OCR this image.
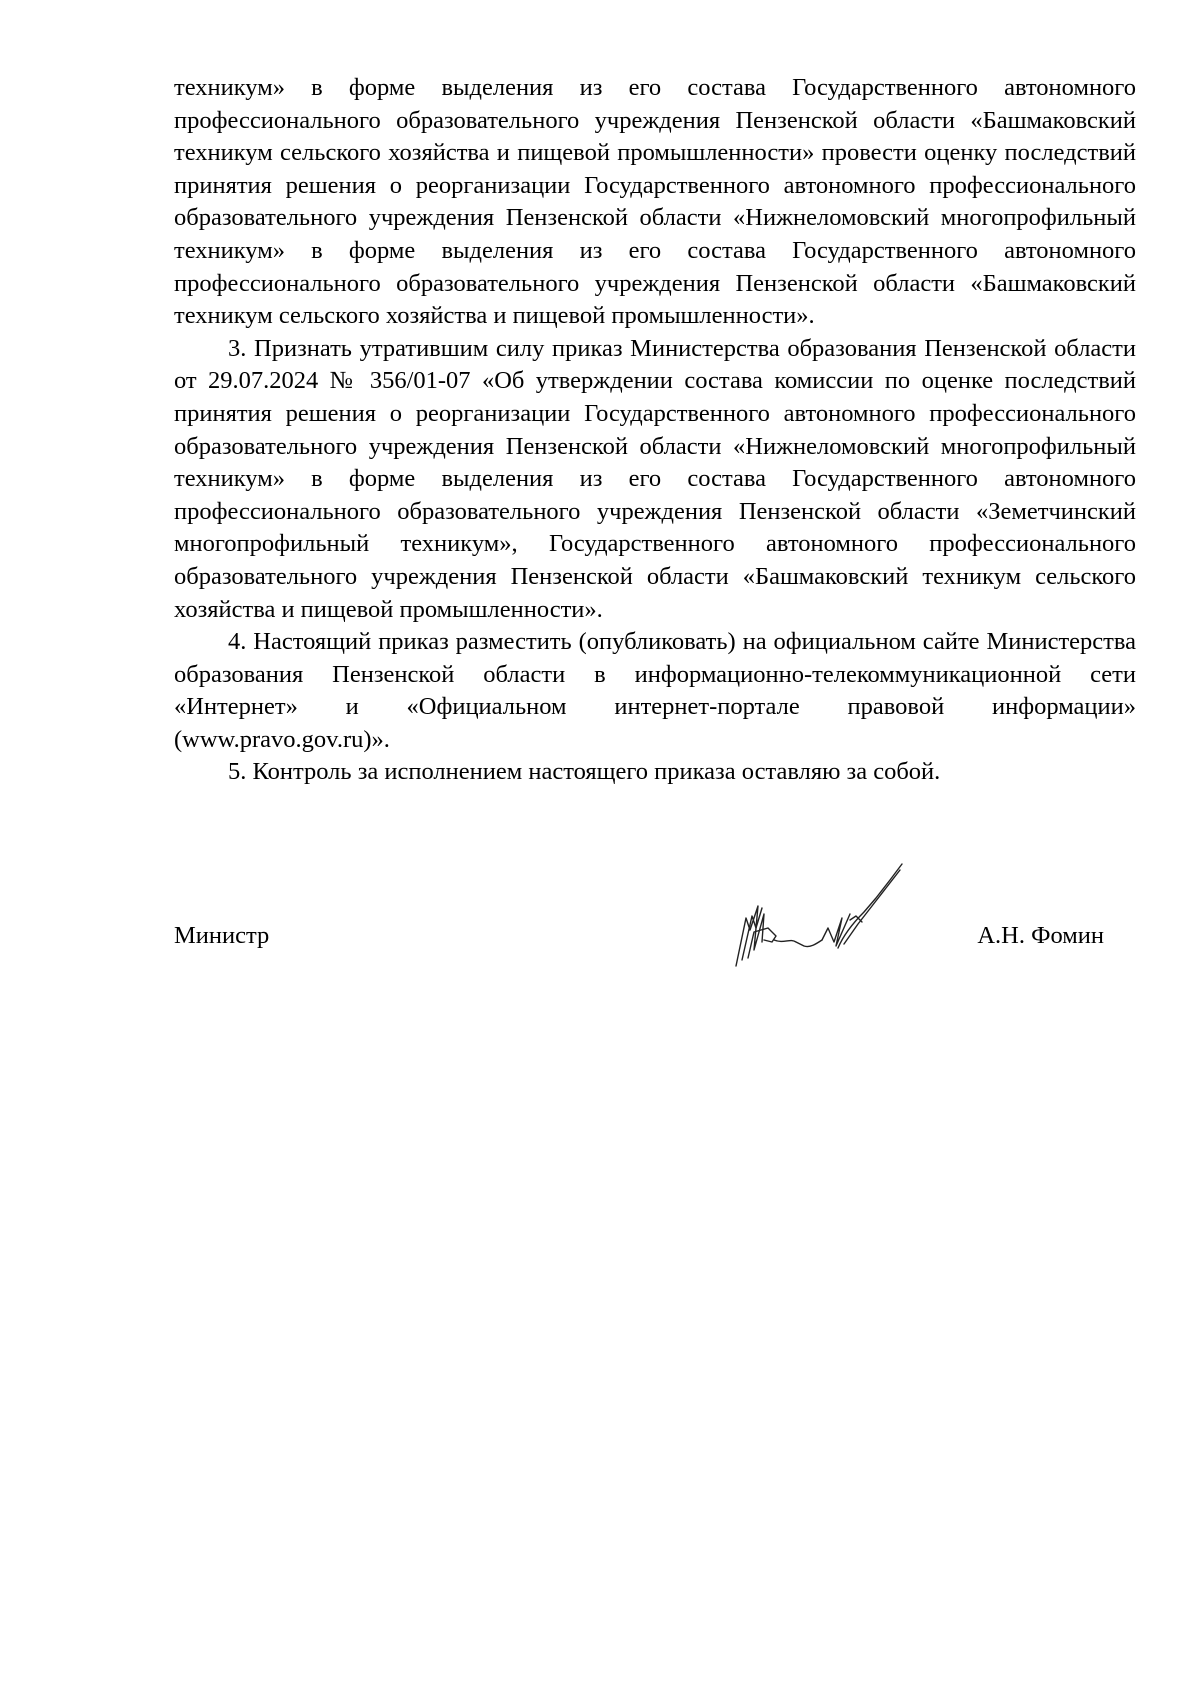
техникум» в форме выделения из его состава Государственного автономного профессионального образовательного учреждения Пензенской области «Башмаковский техникум сельского хозяйства и пищевой промышленности» провести оценку последствий принятия решения о реорганизации Государственного автономного профессионального образовательного учреждения Пензенской области «Нижнеломовский многопрофильный техникум» в форме выделения из его состава Государственного автономного профессионального образовательного учреждения Пензенской области «Башмаковский техникум сельского хозяйства и пищевой промышленности».

3. Признать утратившим силу приказ Министерства образования Пензенской области от 29.07.2024 № 356/01-07 «Об утверждении состава комиссии по оценке последствий принятия решения о реорганизации Государственного автономного профессионального образовательного учреждения Пензенской области «Нижнеломовский многопрофильный техникум» в форме выделения из его состава Государственного автономного профессионального образовательного учреждения Пензенской области «Земетчинский многопрофильный техникум», Государственного автономного профессионального образовательного учреждения Пензенской области «Башмаковский техникум сельского хозяйства и пищевой промышленности».

4. Настоящий приказ разместить (опубликовать) на официальном сайте Министерства образования Пензенской области в информационно-телекоммуникационной сети «Интернет» и «Официальном интернет-портале правовой информации» (www.pravo.gov.ru)».

5. Контроль за исполнением настоящего приказа оставляю за собой.

Министр	А.Н. Фомин
